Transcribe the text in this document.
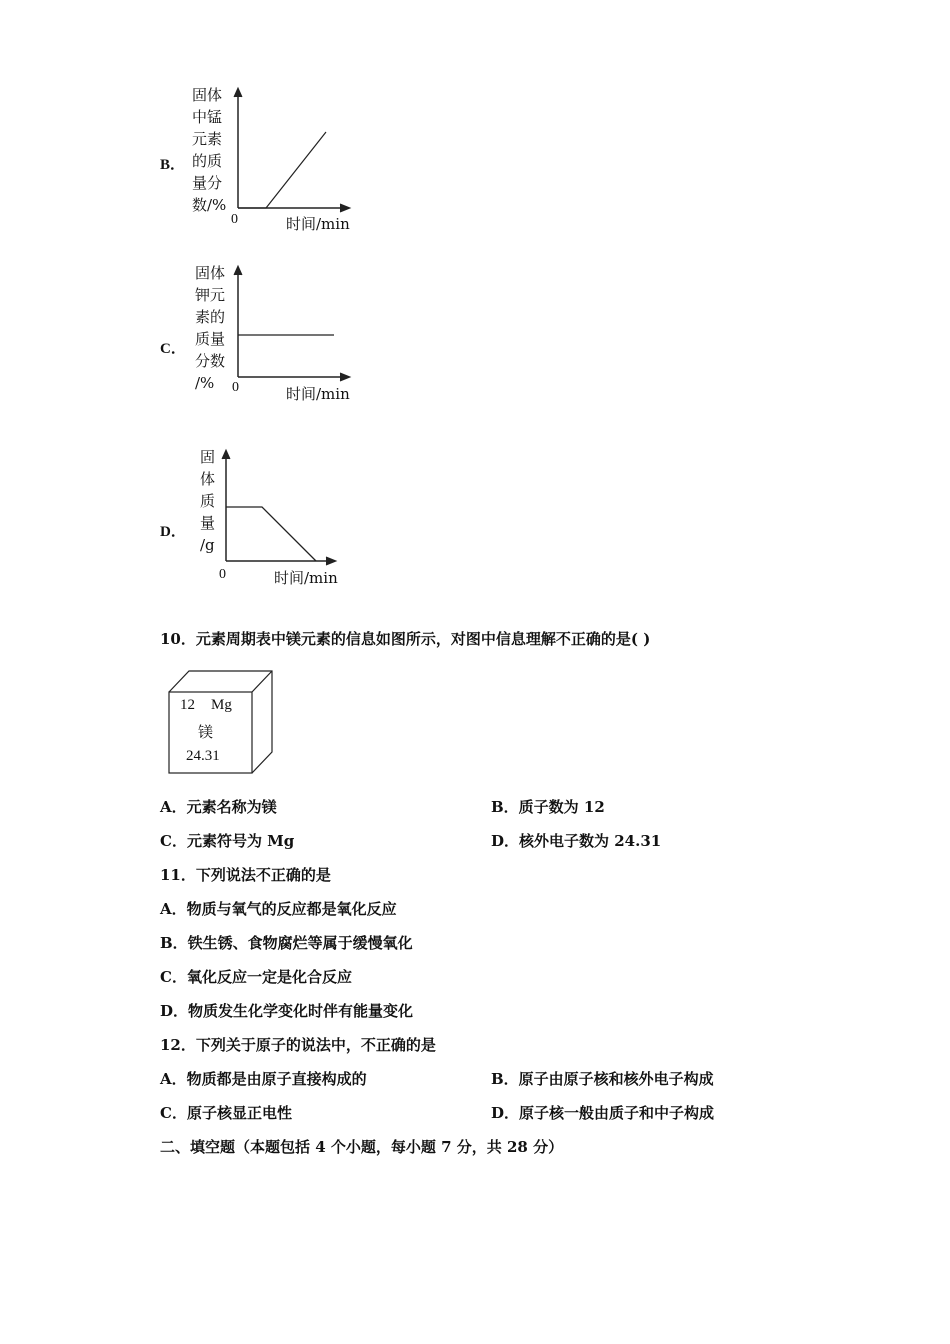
B．
固体
中锰
元素
的质
量分
数/%
0	时间/min
C．
固体
钾元
素的
质量
分数
/%	0	时间/min
D．
固
体
质
量
/g
0	时间/min
10．元素周期表中镁元素的信息如图所示，对图中信息理解不正确的是( )
12 Mg
镁
24.31
A．元素名称为镁	B．质子数为 12
C．元素符号为 Mg	D．核外电子数为 24.31
11．下列说法不正确的是
A．物质与氧气的反应都是氧化反应
B．铁生锈、食物腐烂等属于缓慢氧化
C．氧化反应一定是化合反应
D．物质发生化学变化时伴有能量变化
12．下列关于原子的说法中，不正确的是
A．物质都是由原子直接构成的	B．原子由原子核和核外电子构成
C．原子核显正电性	D．原子核一般由质子和中子构成
二、填空题（本题包括 4 个小题，每小题 7 分，共 28 分）
